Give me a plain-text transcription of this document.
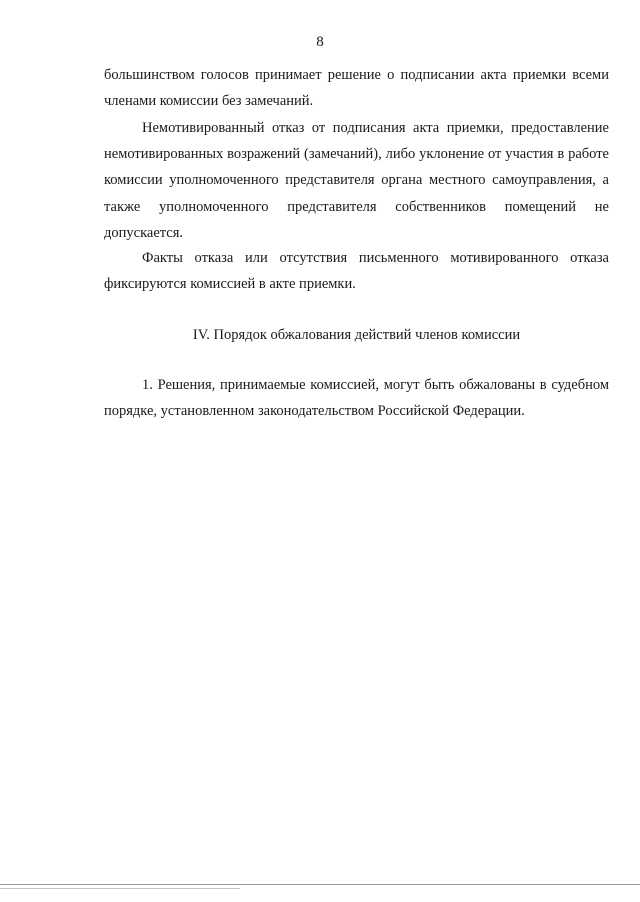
8

большинством голосов принимает решение о подписании акта приемки всеми членами комиссии без замечаний.

Немотивированный отказ от подписания акта приемки, предоставление немотивированных возражений (замечаний), либо уклонение от участия в работе комиссии уполномоченного представителя органа местного самоуправления, а также уполномоченного представителя собственников помещений не допускается.

Факты отказа или отсутствия письменного мотивированного отказа фиксируются комиссией в акте приемки.

IV. Порядок обжалования действий членов комиссии

1. Решения, принимаемые комиссией, могут быть обжалованы в судебном порядке, установленном законодательством Российской Федерации.
